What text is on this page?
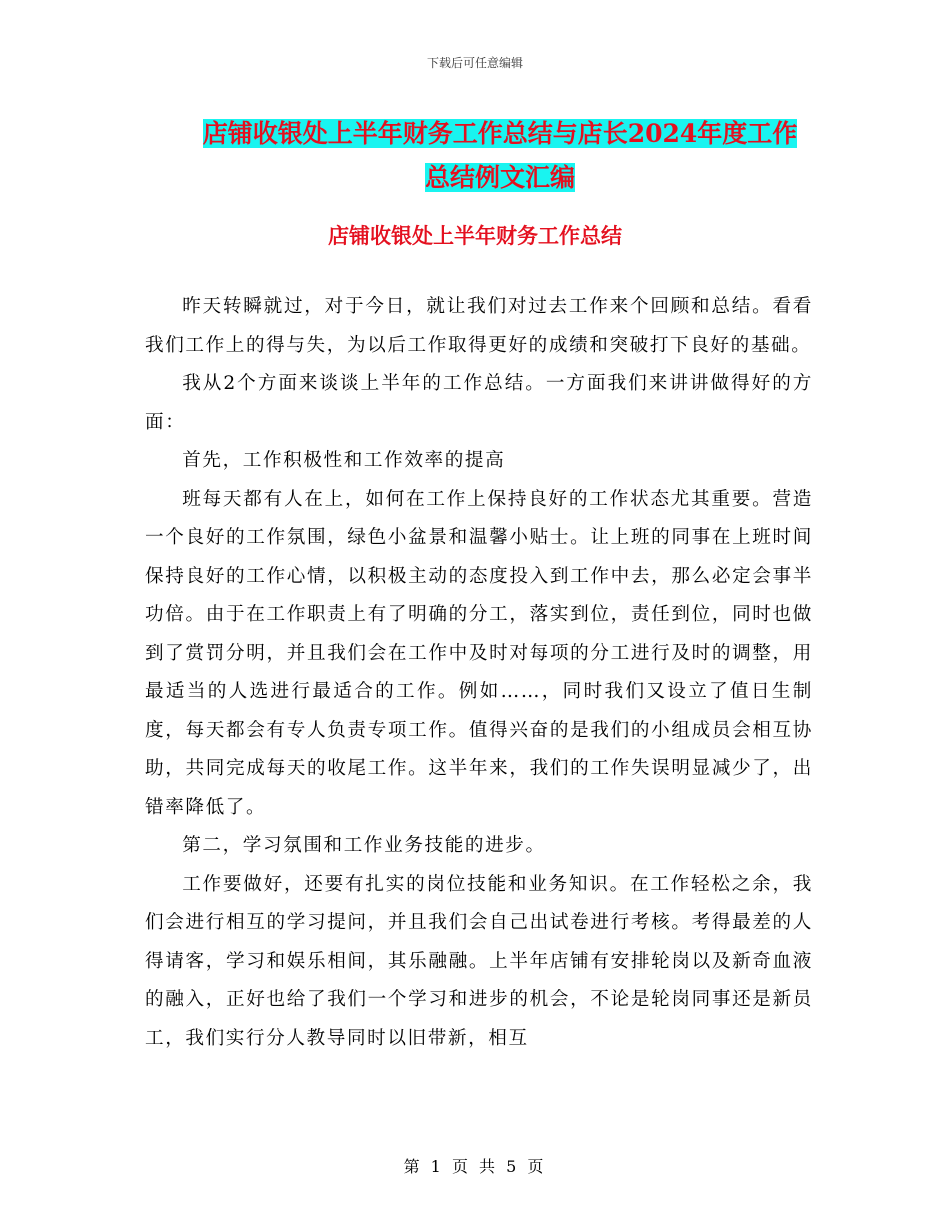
下载后可任意编辑
店铺收银处上半年财务工作总结与店长2024年度工作
总结例文汇编
店铺收银处上半年财务工作总结

昨天转瞬就过，对于今日，就让我们对过去工作来个回顾和总结。看看我们工作上的得与失，为以后工作取得更好的成绩和突破打下良好的基础。

我从2个方面来谈谈上半年的工作总结。一方面我们来讲讲做得好的方面：

首先，工作积极性和工作效率的提高

班每天都有人在上，如何在工作上保持良好的工作状态尤其重要。营造一个良好的工作氛围，绿色小盆景和温馨小贴士。让上班的同事在上班时间保持良好的工作心情，以积极主动的态度投入到工作中去，那么必定会事半功倍。由于在工作职责上有了明确的分工，落实到位，责任到位，同时也做到了赏罚分明，并且我们会在工作中及时对每项的分工进行及时的调整，用最适当的人选进行最适合的工作。例如……，同时我们又设立了值日生制度，每天都会有专人负责专项工作。值得兴奋的是我们的小组成员会相互协助，共同完成每天的收尾工作。这半年来，我们的工作失误明显减少了，出错率降低了。

第二，学习氛围和工作业务技能的进步。

工作要做好，还要有扎实的岗位技能和业务知识。在工作轻松之余，我们会进行相互的学习提问，并且我们会自己出试卷进行考核。考得最差的人得请客，学习和娱乐相间，其乐融融。上半年店铺有安排轮岗以及新奇血液的融入，正好也给了我们一个学习和进步的机会，不论是轮岗同事还是新员工，我们实行分人教导同时以旧带新，相互

第 1 页 共 5 页
